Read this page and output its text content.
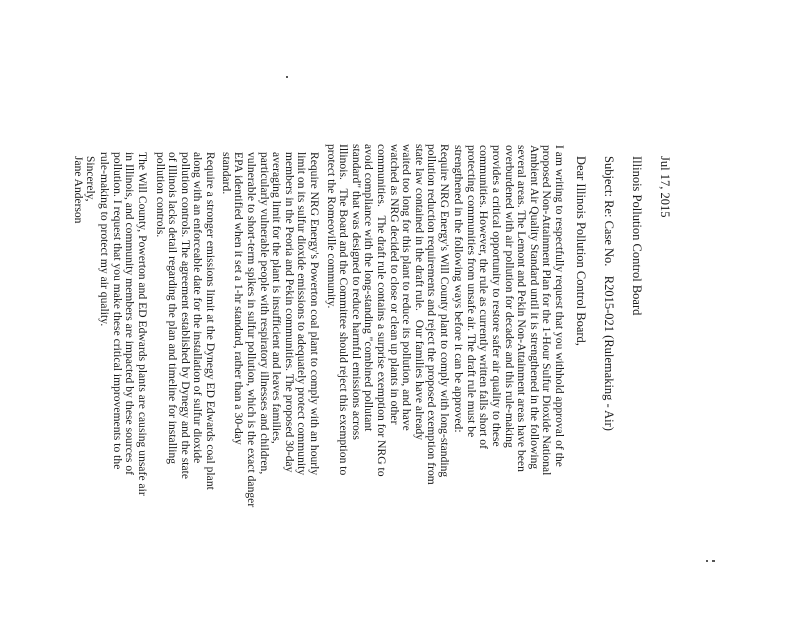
Jul 17, 2015
Illinois Pollution Control Board
Subject: Re: Case No.   R2015-021 (Rulemaking - Air)
Dear Illinois Pollution Control Board,
I am writing to respectfully request that you withhold approval of the
proposed Non-Attainment Plan for the 1-Hour Sulfur Dioxide National
Ambient Air Quality Standard until it is strengthened in the following
several areas. The Lemont and Pekin Non-Attainment areas have been
overburdened with air pollution for decades and this rule-making
provides a critical opportunity to restore safer air quality to these
communities. However, the rule as currently written falls short of
protecting communities from unsafe air. The draft rule must be
strengthened in the following ways before it can be approved:
Require NRG Energy's Will County plant to comply with long-standing
pollution reduction requirements and reject the proposed exemption from
state law contained in the draft rule.   Our families have already
waited too long for this plant to reduce its pollution, and have
watched as NRG decided to close or clean up plants in other
communities.   The draft rule contains a surprise exemption for NRG to
avoid compliance with the long-standing "combined pollutant
standard" that was designed to reduce harmful emissions across
Illinois.   The Board and the Committee should reject this exemption to
protect the Romeoville community.
Require NRG Energy's Powerton coal plant to comply with an hourly
limit on its sulfur dioxide emissions to adequately protect community
members in the Peoria and Pekin communities. The proposed 30-day
averaging limit for the plant is insufficient and leaves families,
particularly vulnerable people with respiratory illnesses and children,
vulnerable to short-term spikes in sulfur pollution, which is the exact danger
EPA identified when it set a 1-hr standard, rather than a 30-day
standard.
Require a stronger emissions limit at the Dynegy ED Edwards coal plant
along with an enforceable date for the installation of sulfur dioxide
pollution controls. The agreement established by Dynegy and the state
of Illinois lacks detail regarding the plan and timeline for installing
pollution controls.
The Will County, Powerton and ED Edwards plants are causing unsafe air
in Illinois, and community members are impacted by these sources of
pollution. I request that you make these critical improvements to the
rule-making to protect my air quality.
Sincerely,
Jane Anderson
